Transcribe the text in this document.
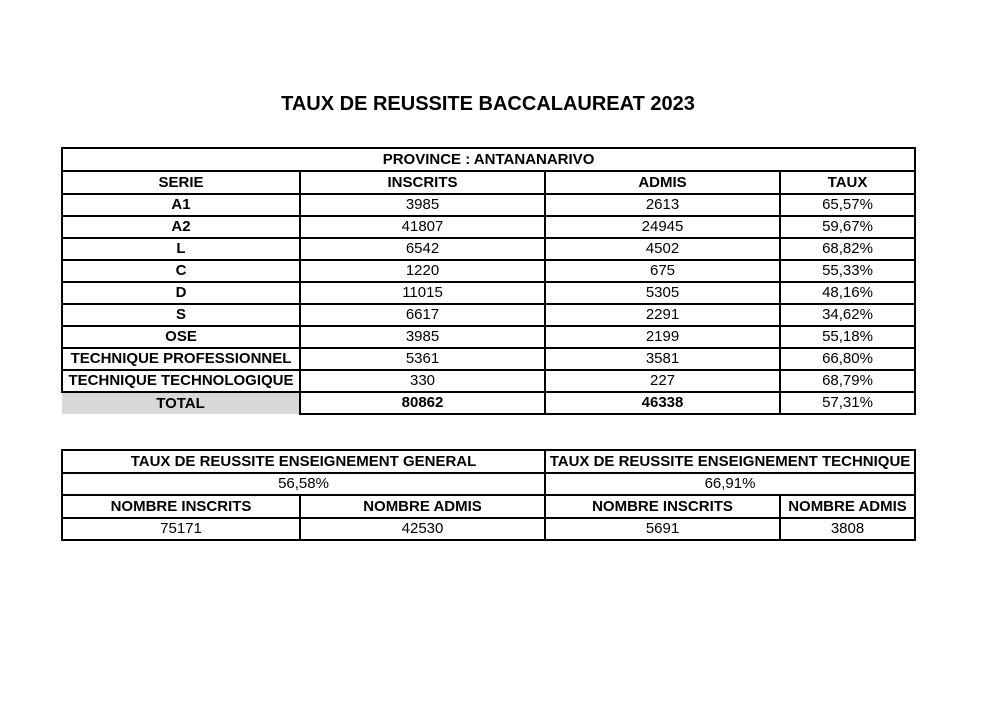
TAUX DE REUSSITE BACCALAUREAT 2023
PROVINCE : ANTANANARIVO			
SERIE	INSCRITS	ADMIS	TAUX
A1	3985	2613	65,57%
A2	41807	24945	59,67%
L	6542	4502	68,82%
C	1220	675	55,33%
D	11015	5305	48,16%
S	6617	2291	34,62%
OSE	3985	2199	55,18%
TECHNIQUE PROFESSIONNEL	5361	3581	66,80%
TECHNIQUE TECHNOLOGIQUE	330	227	68,79%
TOTAL	80862	46338	57,31%
TAUX DE REUSSITE ENSEIGNEMENT GENERAL		TAUX DE REUSSITE ENSEIGNEMENT TECHNIQUE	
56,58%		66,91%	
NOMBRE INSCRITS	NOMBRE ADMIS	NOMBRE INSCRITS	NOMBRE ADMIS
75171	42530	5691	3808
